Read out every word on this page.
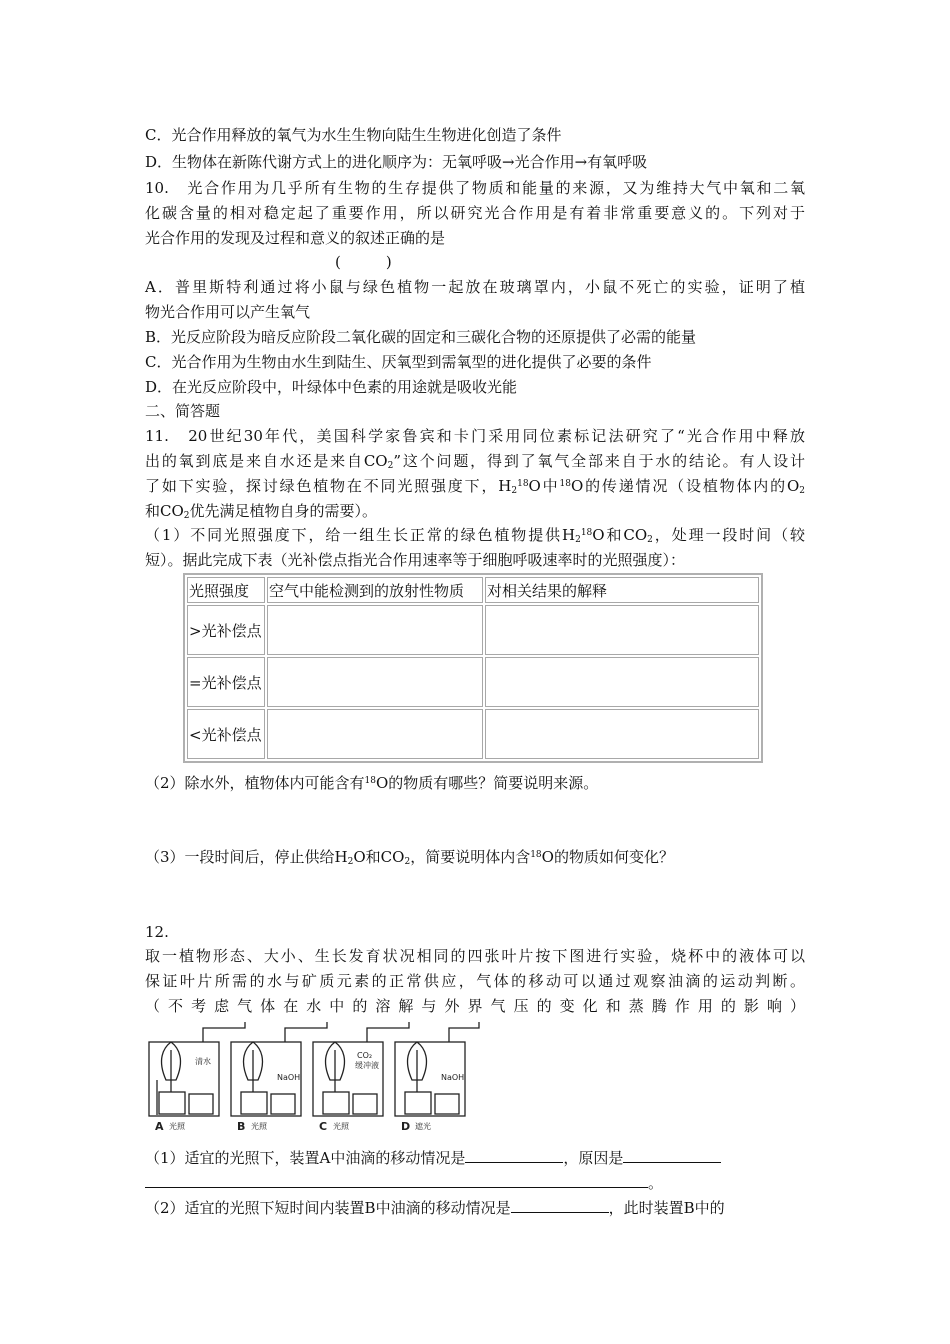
C．光合作用释放的氧气为水生生物向陆生生物进化创造了条件
D．生物体在新陈代谢方式上的进化顺序为：无氧呼吸→光合作用→有氧呼吸
10.　光合作用为几乎所有生物的生存提供了物质和能量的来源，又为维持大气中氧和二氧
化碳含量的相对稳定起了重要作用，所以研究光合作用是有着非常重要意义的。下列对于
光合作用的发现及过程和意义的叙述正确的是
(　　　)
A．普里斯特利通过将小鼠与绿色植物一起放在玻璃罩内，小鼠不死亡的实验，证明了植
物光合作用可以产生氧气
B．光反应阶段为暗反应阶段二氧化碳的固定和三碳化合物的还原提供了必需的能量
C．光合作用为生物由水生到陆生、厌氧型到需氧型的进化提供了必要的条件
D．在光反应阶段中，叶绿体中色素的用途就是吸收光能
二、简答题
11.　20世纪30年代，美国科学家鲁宾和卡门采用同位素标记法研究了“光合作用中释放
出的氧到底是来自水还是来自$CO_2$”这个问题，得到了氧气全部来自于水的结论。有人设计
了如下实验，探讨绿色植物在不同光照强度下，$H_2^{18}O$中$^{18}$O的传递情况（设植物体内的$O_2$
和$CO_2$优先满足植物自身的需要）。
（1）不同光照强度下，给一组生长正常的绿色植物提供$H_2^{18}O$和$CO_2$，处理一段时间（较
短）。据此完成下表（光补偿点指光合作用速率等于细胞呼吸速率时的光照强度）：
光照强度	空气中能检测到的放射性物质	对相关结果的解释
>光补偿点		
=光补偿点		
<光补偿点		
（2）除水外，植物体内可能含有$^{18}$O的物质有哪些？简要说明来源。
（3）一段时间后，停止供给$H_2O$和$CO_2$，简要说明体内含$^{18}$O的物质如何变化？
12.
取一植物形态、大小、生长发育状况相同的四张叶片按下图进行实验，烧杯中的液体可以
保证叶片所需的水与矿质元素的正常供应，气体的移动可以通过观察油滴的运动判断。
（不考虑气体在水中的溶解与外界气压的变化和蒸腾作用的影响）
清水
NaOH
CO₂
缓冲液
NaOH
A 光照	B 光照	C 光照	D 遮光
（1）适宜的光照下，装置A中油滴的移动情况是	，原因是
。
（2）适宜的光照下短时间内装置B中油滴的移动情况是	，此时装置B中的
